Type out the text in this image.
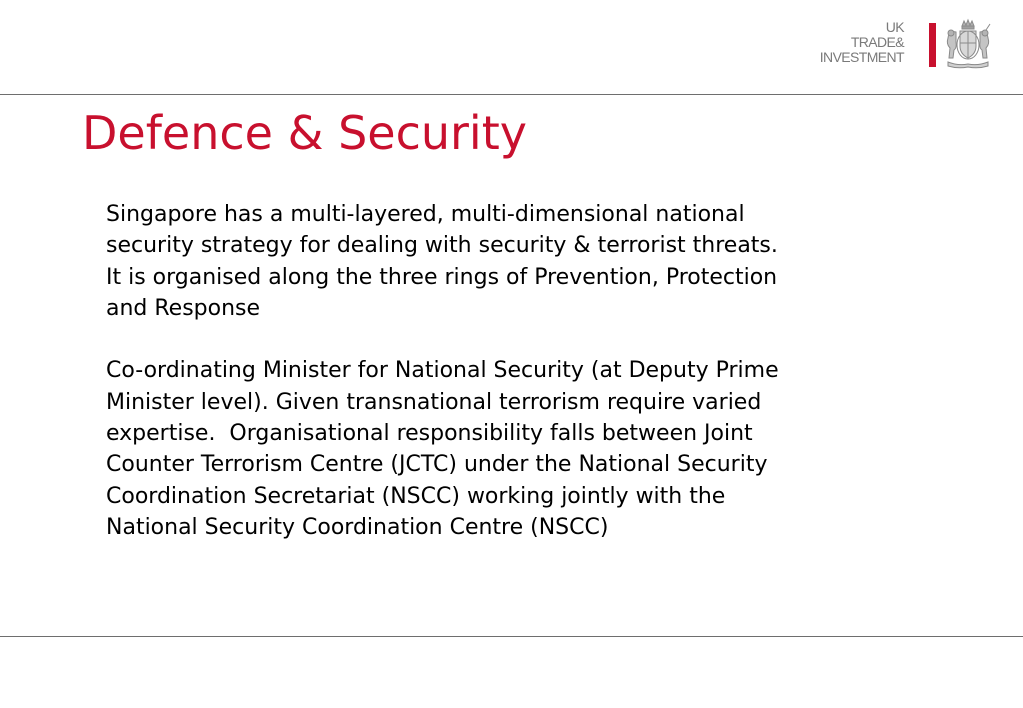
UK
TRADE&
INVESTMENT
Defence & Security

Singapore has a multi-layered, multi-dimensional national

security strategy for dealing with security & terrorist threats.

It is organised along the three rings of Prevention, Protection

and Response

Co-ordinating Minister for National Security (at Deputy Prime

Minister level). Given transnational terrorism require varied

expertise.  Organisational responsibility falls between Joint

Counter Terrorism Centre (JCTC) under the National Security

Coordination Secretariat (NSCC) working jointly with the

National Security Coordination Centre (NSCC)
